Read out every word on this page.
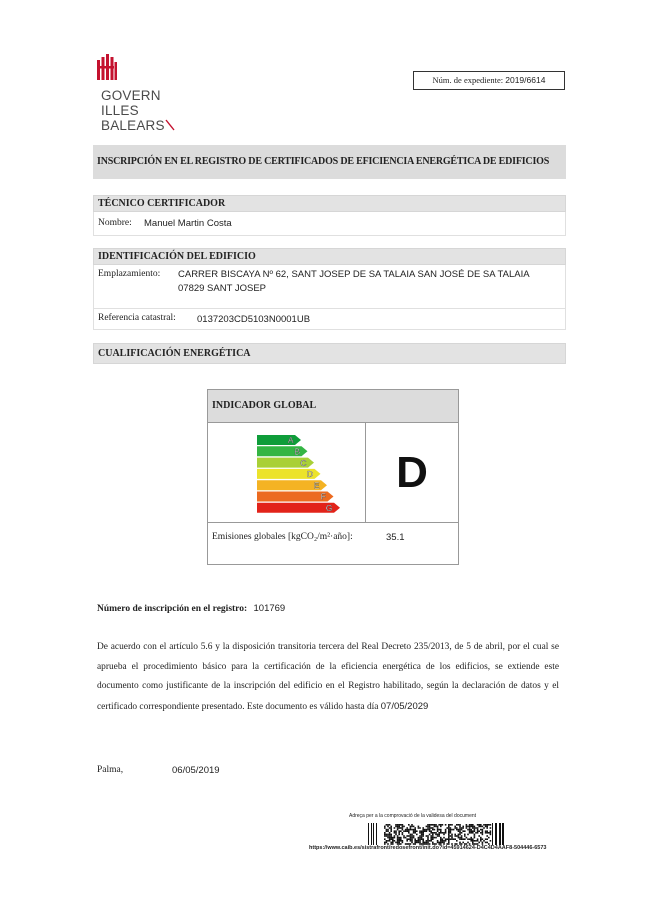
GOVERN
ILLES
BALEARS
Núm. de expediente: 2019/6614
INSCRIPCIÓN EN EL REGISTRO DE CERTIFICADOS DE EFICIENCIA ENERGÉTICA DE EDIFICIOS
TÉCNICO CERTIFICADOR
Nombre: Manuel Martin Costa
IDENTIFICACIÓN DEL EDIFICIO
Emplazamiento: CARRER BISCAYA Nº 62, SANT JOSEP DE SA TALAIA SAN JOSÉ DE SA TALAIA
07829 SANT JOSEP
Referencia catastral: 0137203CD5103N0001UB
CUALIFICACIÓN ENERGÉTICA
INDICADOR GLOBAL
A
B
C
D
E
F
G
D
Emisiones globales [kgCO₂/m²·año]:	35.1
Número de inscripción en el registro: 101769
De acuerdo con el artículo 5.6 y la disposición transitoria tercera del Real Decreto 235/2013, de 5 de abril, por el cual se aprueba el procedimiento básico para la certificación de la eficiencia energética de los edificios, se extiende este documento como justificante de la inscripción del edificio en el Registro habilitado, según la declaración de datos y el certificado correspondiente presentado. Este documento es válido hasta día 07/05/2029
Palma,	06/05/2019
Adreça per a la comprovació de la validesa del document
https://www.caib.es/sistrafront/redosefront/init.do?id=45914624-D4C4D4AAF8-504446-6573
